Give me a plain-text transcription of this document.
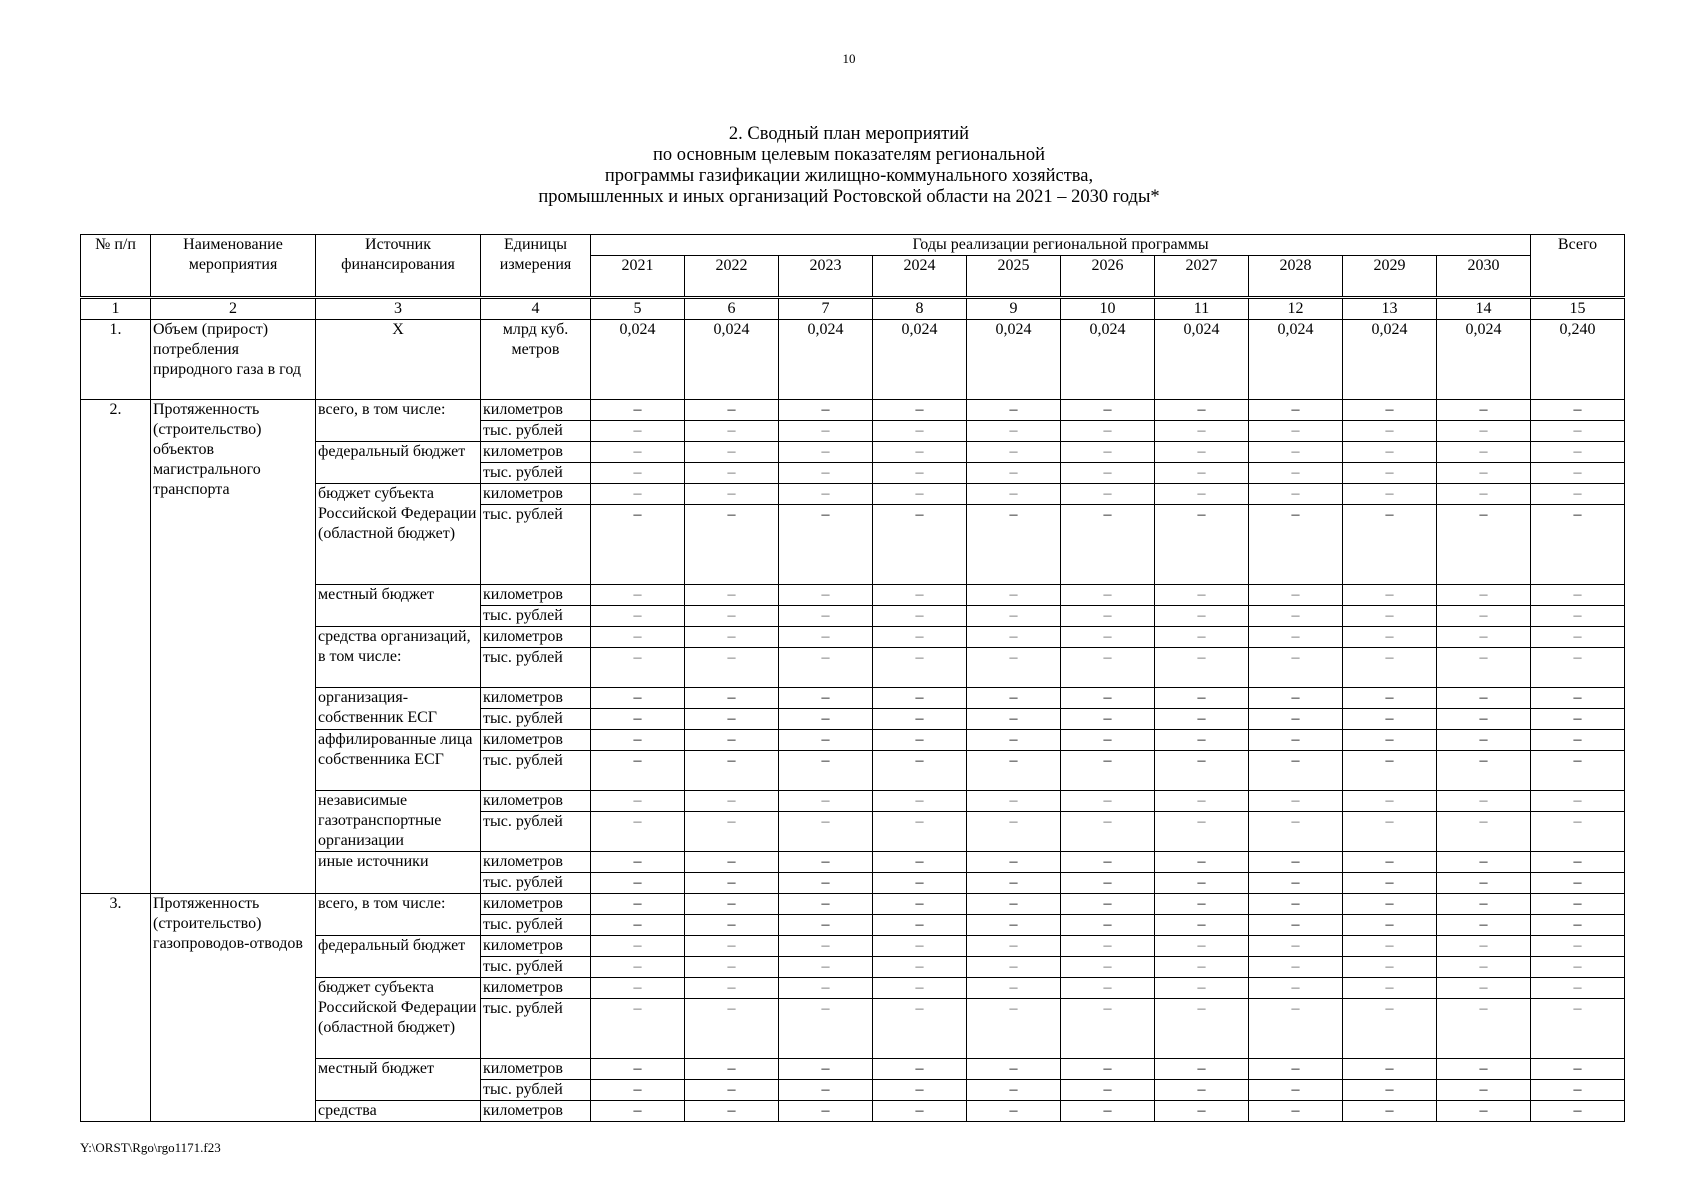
10
2. Сводный план мероприятий
по основным целевым показателям региональной
программы газификации жилищно-коммунального хозяйства,
промышленных и иных организаций Ростовской области на 2021 – 2030 годы*
№ п/п	Наименование мероприятия	Источник финансирования	Единицы измерения	Годы реализации региональной программы										Всего
				2021	2022	2023	2024	2025	2026	2027	2028	2029	2030	
1	2	3	4	5	6	7	8	9	10	11	12	13	14	15
1.	Объем (прирост) потребления природного газа в год	Х	млрд куб. метров	0,024	0,024	0,024	0,024	0,024	0,024	0,024	0,024	0,024	0,024	0,240
2.	Протяженность (строительство) объектов магистрального транспорта	всего, в том числе:	километров	–	–	–	–	–	–	–	–	–	–	–
			тыс. рублей	–	–	–	–	–	–	–	–	–	–	–
		федеральный бюджет	километров	–	–	–	–	–	–	–	–	–	–	–
			тыс. рублей	–	–	–	–	–	–	–	–	–	–	–
		бюджет субъекта Российской Федерации (областной бюджет)	километров	–	–	–	–	–	–	–	–	–	–	–
			тыс. рублей	–	–	–	–	–	–	–	–	–	–	–
		местный бюджет	километров	–	–	–	–	–	–	–	–	–	–	–
			тыс. рублей	–	–	–	–	–	–	–	–	–	–	–
		средства организаций, в том числе:	километров	–	–	–	–	–	–	–	–	–	–	–
			тыс. рублей	–	–	–	–	–	–	–	–	–	–	–
		организация-собственник ЕСГ	километров	–	–	–	–	–	–	–	–	–	–	–
			тыс. рублей	–	–	–	–	–	–	–	–	–	–	–
		аффилированные лица собственника ЕСГ	километров	–	–	–	–	–	–	–	–	–	–	–
			тыс. рублей	–	–	–	–	–	–	–	–	–	–	–
		независимые газотранспортные организации	километров	–	–	–	–	–	–	–	–	–	–	–
			тыс. рублей	–	–	–	–	–	–	–	–	–	–	–
		иные источники	километров	–	–	–	–	–	–	–	–	–	–	–
			тыс. рублей	–	–	–	–	–	–	–	–	–	–	–
3.	Протяженность (строительство) газопроводов-отводов	всего, в том числе:	километров	–	–	–	–	–	–	–	–	–	–	–
			тыс. рублей	–	–	–	–	–	–	–	–	–	–	–
		федеральный бюджет	километров	–	–	–	–	–	–	–	–	–	–	–
			тыс. рублей	–	–	–	–	–	–	–	–	–	–	–
		бюджет субъекта Российской Федерации (областной бюджет)	километров	–	–	–	–	–	–	–	–	–	–	–
			тыс. рублей	–	–	–	–	–	–	–	–	–	–	–
		местный бюджет	километров	–	–	–	–	–	–	–	–	–	–	–
			тыс. рублей	–	–	–	–	–	–	–	–	–	–	–
		средства	километров	–	–	–	–	–	–	–	–	–	–	–
Y:\ORST\Rgo\rgo1171.f23
